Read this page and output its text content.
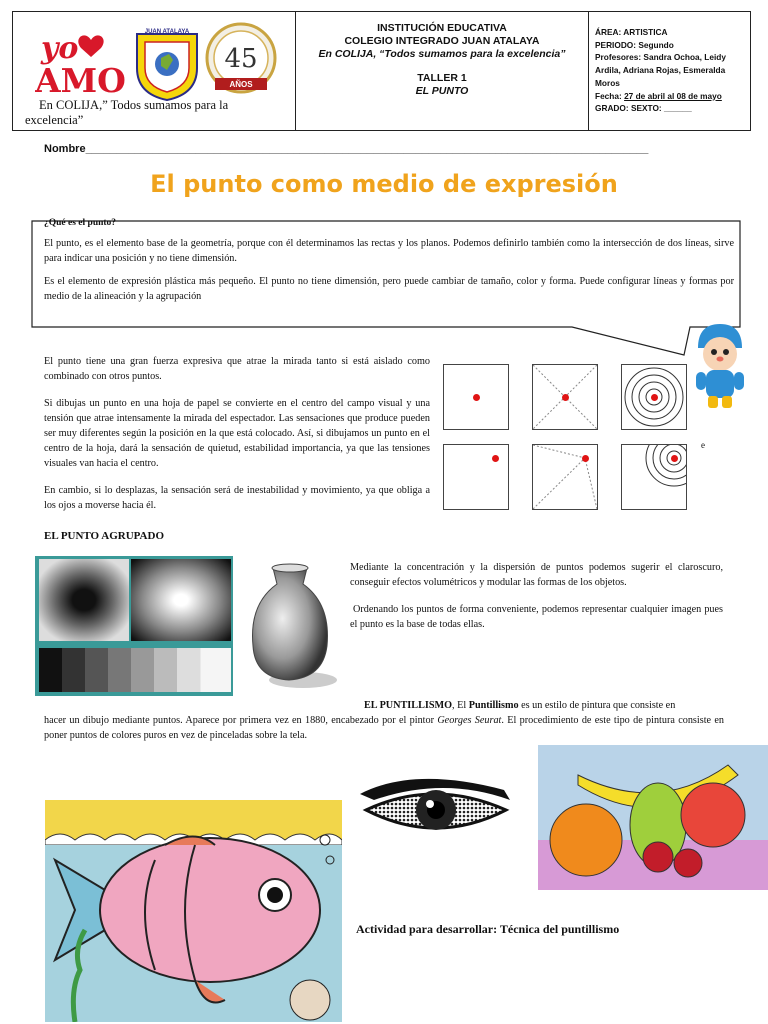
yo
AMO
JUAN ATALAYA
45
AÑOS
En COLIJA,” Todos sumamos para la excelencia”
INSTITUCIÓN EDUCATIVA
COLEGIO INTEGRADO JUAN ATALAYA
En COLIJA, “Todos sumamos para la excelencia”
TALLER 1
EL PUNTO
ÁREA: ARTISTICA
PERIODO: Segundo
Profesores: Sandra Ochoa, Leidy Ardila, Adriana Rojas, Esmeralda Moros
Fecha: 27 de abril al 08 de mayo
GRADO: SEXTO: ______
Nombre____________________________________________________________________________________________
El punto como medio de expresión
¿Qué es el punto?
El punto, es el elemento base de la geometría, porque con él determinamos las rectas y los planos. Podemos definirlo también como la intersección de dos líneas, sirve para indicar una posición y no tiene dimensión.
Es el elemento de expresión plástica más pequeño. El punto no tiene dimensión, pero puede cambiar de tamaño, color y forma. Puede configurar líneas y formas por medio de la alineación y la agrupación
El punto tiene una gran fuerza expresiva que atrae la mirada tanto si está aislado como combinado con otros puntos.
Si dibujas un punto en una hoja de papel se convierte en el centro del campo visual y una tensión que atrae intensamente la mirada del espectador. Las sensaciones que produce pueden ser muy diferentes según la posición en la que está colocado. Así, si dibujamos un punto en el centro de la hoja, dará la sensación de quietud, estabilidad importancia, ya que las tensiones visuales van hacia el centro.
En cambio, si lo desplazas, la sensación será de inestabilidad y movimiento, ya que obliga a los ojos a moverse hacia él.
e
EL PUNTO AGRUPADO
Mediante la concentración y la dispersión de puntos podemos sugerir el claroscuro, conseguir efectos volumétricos y modular las formas de los objetos.
Ordenando los puntos de forma conveniente, podemos representar cualquier imagen pues el punto es la base de todas ellas.
EL PUNTILLISMO, El Puntillismo es un estilo de pintura que consiste en
hacer un dibujo mediante puntos. Aparece por primera vez en 1880, encabezado por el pintor Georges Seurat. El procedimiento de este tipo de pintura consiste en poner puntos de colores puros en vez de pinceladas sobre la tela.
Actividad para desarrollar: Técnica del puntillismo
